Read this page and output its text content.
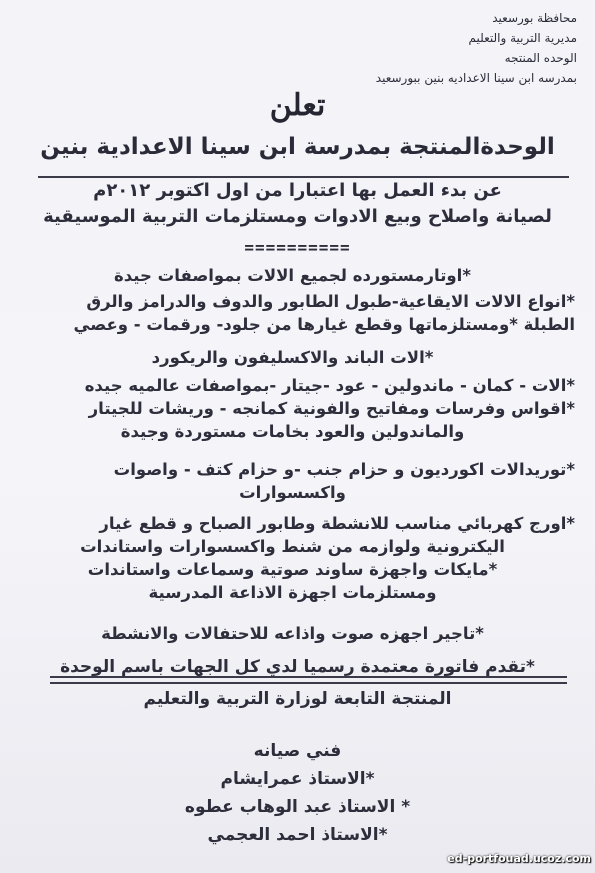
محافظة بورسعيد
مديرية التربية والتعليم
الوحده المنتجه
بمدرسه ابن سينا الاعداديه بنين ببورسعيد
تعلن
الوحدةالمنتجة بمدرسة ابن سينا الاعدادية بنين
عن بدء العمل بها اعتبارا من اول اكتوبر ٢٠١٢م
لصيانة واصلاح وبيع الادوات ومستلزمات التربية الموسيقية
==========
*اوتارمستورده لجميع الالات بمواصفات جيدة
*انواع الالات الايقاعية-طبول الطابور والدوف والدرامز والرق
الطبلة *ومستلزماتها وقطع غيارها من جلود- ورقمات - وعصي
*الات الباند والاكسليفون والريكورد
*الات - كمان - ماندولين - عود -جيتار -بمواصفات عالميه جيده
*اقواس وفرسات ومفاتيح والفونية كمانجه - وريشات للجيتار
والماندولين والعود بخامات مستوردة وجيدة
*توريدالات اكورديون و حزام جنب -و حزام كتف - واصوات
واكسسوارات
*اورج كهربائي مناسب للانشطة وطابور الصباح و قطع غيار
اليكترونية ولوازمه من شنط واكسسوارات واستاندات
*مايكات واجهزة ساوند صوتية وسماعات واستاندات
ومستلزمات اجهزة الاذاعة المدرسية
*تاجير اجهزه صوت واذاعه للاحتفالات والانشطة
*تقدم فاتورة معتمدة رسميا لدي كل الجهات باسم الوحدة
المنتجة التابعة لوزارة التربية والتعليم
فني صيانه
*الاستاذ عمرايشام
* الاستاذ عبد الوهاب عطوه
*الاستاذ احمد العجمي
ed-portfouad.ucoz.com
